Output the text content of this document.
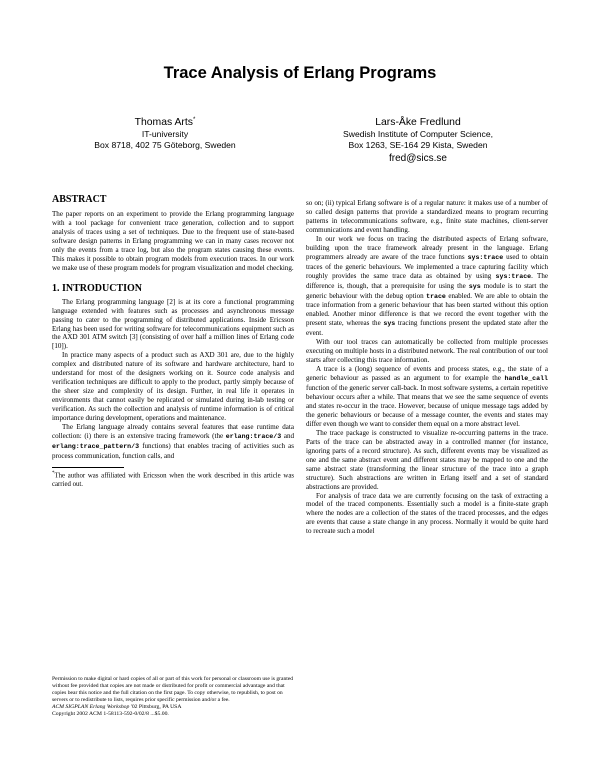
Trace Analysis of Erlang Programs
Thomas Arts*
IT-university
Box 8718, 402 75 Göteborg, Sweden
Lars-Åke Fredlund
Swedish Institute of Computer Science,
Box 1263, SE-164 29 Kista, Sweden
fred@sics.se
ABSTRACT

The paper reports on an experiment to provide the Erlang programming language with a tool package for convenient trace generation, collection and to support analysis of traces using a set of techniques. Due to the frequent use of state-based software design patterns in Erlang programming we can in many cases recover not only the events from a trace log, but also the program states causing these events. This makes it possible to obtain program models from execution traces. In our work we make use of these program models for program visualization and model checking.

1. INTRODUCTION

The Erlang programming language [2] is at its core a functional programming language extended with features such as processes and asynchronous message passing to cater to the programming of distributed applications. Inside Ericsson Erlang has been used for writing software for telecommunications equipment such as the AXD 301 ATM switch [3] (consisting of over half a million lines of Erlang code [10]).

In practice many aspects of a product such as AXD 301 are, due to the highly complex and distributed nature of its software and hardware architecture, hard to understand for most of the designers working on it. Source code analysis and verification techniques are difficult to apply to the product, partly simply because of the sheer size and complexity of its design. Further, in real life it operates in environments that cannot easily be replicated or simulated during in-lab testing or verification. As such the collection and analysis of runtime information is of critical importance during development, operations and maintenance.

The Erlang language already contains several features that ease runtime data collection: (i) there is an extensive tracing framework (the erlang:trace/3 and erlang:trace_pattern/3 functions) that enables tracing of activities such as process communication, function calls, and

*The author was affiliated with Ericsson when the work described in this article was carried out.

Permission to make digital or hard copies of all or part of this work for personal or classroom use is granted without fee provided that copies are not made or distributed for profit or commercial advantage and that copies bear this notice and the full citation on the first page. To copy otherwise, to republish, to post on servers or to redistribute to lists, requires prior specific permission and/or a fee.

ACM SIGPLAN Erlang Workshop '02 Pittsburg, PA USA

Copyright 2002 ACM 1-58113-592-0/02/8 ...$5.00.

so on; (ii) typical Erlang software is of a regular nature: it makes use of a number of so called design patterns that provide a standardized means to program recurring patterns in telecommunications software, e.g., finite state machines, client-server communications and event handling.

In our work we focus on tracing the distributed aspects of Erlang software, building upon the trace framework already present in the language. Erlang programmers already are aware of the trace functions sys:trace used to obtain traces of the generic behaviours. We implemented a trace capturing facility which roughly provides the same trace data as obtained by using sys:trace. The difference is, though, that a prerequisite for using the sys module is to start the generic behaviour with the debug option trace enabled. We are able to obtain the trace information from a generic behaviour that has been started without this option enabled. Another minor difference is that we record the event together with the present state, whereas the sys tracing functions present the updated state after the event.

With our tool traces can automatically be collected from multiple processes executing on multiple hosts in a distributed network. The real contribution of our tool starts after collecting this trace information.

A trace is a (long) sequence of events and process states, e.g., the state of a generic behaviour as passed as an argument to for example the handle_call function of the generic server call-back. In most software systems, a certain repetitive behaviour occurs after a while. That means that we see the same sequence of events and states re-occur in the trace. However, because of unique message tags added by the generic behaviours or because of a message counter, the events and states may differ even though we want to consider them equal on a more abstract level.

The trace package is constructed to visualize re-occurring patterns in the trace. Parts of the trace can be abstracted away in a controlled manner (for instance, ignoring parts of a record structure). As such, different events may be visualized as one and the same abstract event and different states may be mapped to one and the same abstract state (transforming the linear structure of the trace into a graph structure). Such abstractions are written in Erlang itself and a set of standard abstractions are provided.

For analysis of trace data we are currently focusing on the task of extracting a model of the traced components. Essentially such a model is a finite-state graph where the nodes are a collection of the states of the traced processes, and the edges are events that cause a state change in any process. Normally it would be quite hard to recreate such a model
